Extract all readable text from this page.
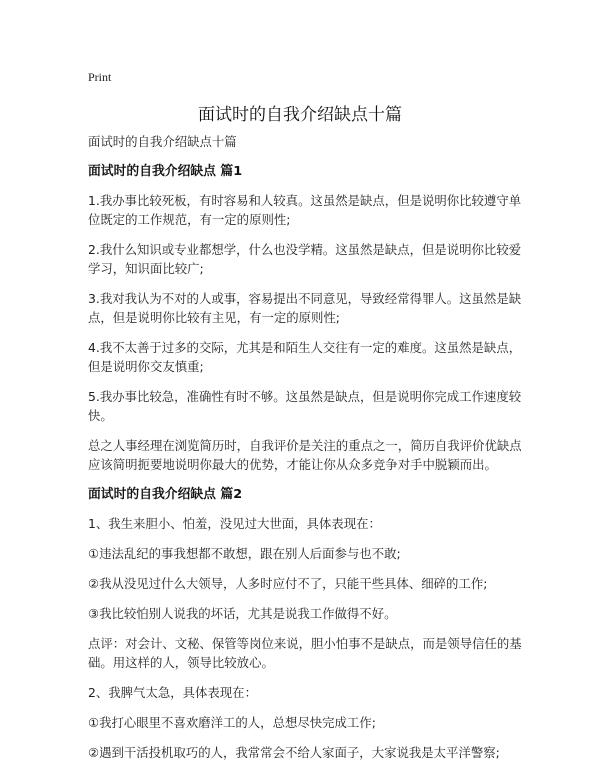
Print
面试时的自我介绍缺点十篇

面试时的自我介绍缺点十篇

面试时的自我介绍缺点 篇1

1.我办事比较死板，有时容易和人较真。这虽然是缺点，但是说明你比较遵守单位既定的工作规范，有一定的原则性;

2.我什么知识或专业都想学，什么也没学精。这虽然是缺点，但是说明你比较爱学习，知识面比较广;

3.我对我认为不对的人或事，容易提出不同意见，导致经常得罪人。这虽然是缺点，但是说明你比较有主见，有一定的原则性;

4.我不太善于过多的交际，尤其是和陌生人交往有一定的难度。这虽然是缺点，但是说明你交友慎重;

5.我办事比较急，准确性有时不够。这虽然是缺点，但是说明你完成工作速度较快。

总之人事经理在浏览简历时，自我评价是关注的重点之一，简历自我评价优缺点应该简明扼要地说明你最大的优势，才能让你从众多竞争对手中脱颖而出。

面试时的自我介绍缺点 篇2

1、我生来胆小、怕羞，没见过大世面，具体表现在：

①违法乱纪的事我想都不敢想，跟在别人后面参与也不敢;

②我从没见过什么大领导，人多时应付不了，只能干些具体、细碎的工作;

③我比较怕别人说我的坏话，尤其是说我工作做得不好。

点评：对会计、文秘、保管等岗位来说，胆小怕事不是缺点，而是领导信任的基础。用这样的人，领导比较放心。

2、我脾气太急，具体表现在：

①我打心眼里不喜欢磨洋工的人，总想尽快完成工作;

②遇到干活投机取巧的人，我常常会不给人家面子，大家说我是太平洋警察;
